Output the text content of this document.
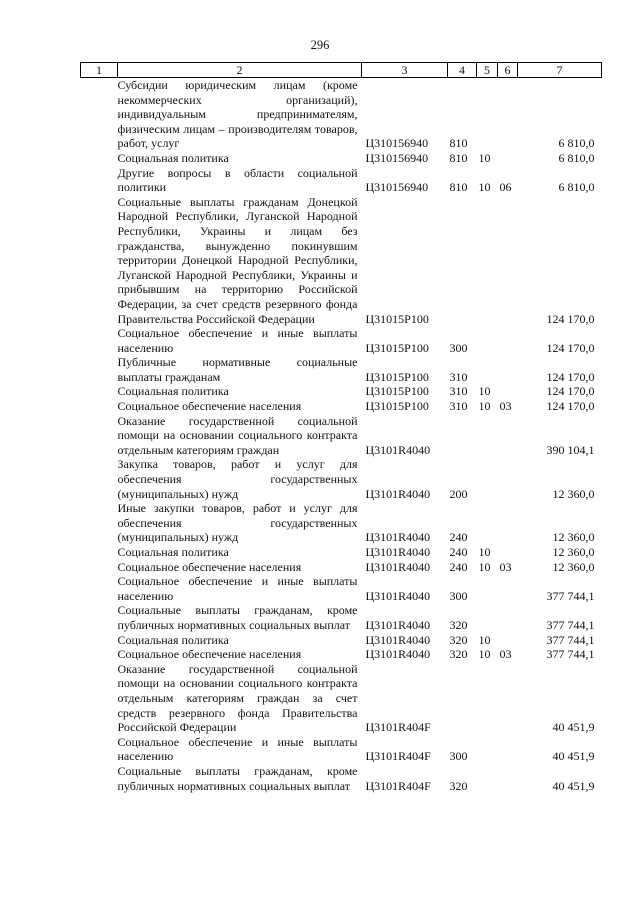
296
1	2	3	4	5	6	7
	Субсидии юридическим лицам (кроме некоммерческих организаций), индивидуальным предпринимателям, физическим лицам – производителям товаров, работ, услуг	Ц310156940	810			6 810,0
	Социальная политика	Ц310156940	810	10		6 810,0
	Другие вопросы в области социальной политики	Ц310156940	810	10	06	6 810,0
	Социальные выплаты гражданам Донецкой Народной Республики, Луганской Народной Республики, Украины и лицам без гражданства, вынужденно покинувшим территории Донецкой Народной Республики, Луганской Народной Республики, Украины и прибывшим на территорию Российской Федерации, за счет средств резервного фонда Правительства Российской Федерации	Ц31015Р100				124 170,0
	Социальное обеспечение и иные выплаты населению	Ц31015Р100	300			124 170,0
	Публичные нормативные социальные выплаты гражданам	Ц31015Р100	310			124 170,0
	Социальная политика	Ц31015Р100	310	10		124 170,0
	Социальное обеспечение населения	Ц31015Р100	310	10	03	124 170,0
	Оказание государственной социальной помощи на основании социального контракта отдельным категориям граждан	Ц3101R4040				390 104,1
	Закупка товаров, работ и услуг для обеспечения государственных (муниципальных) нужд	Ц3101R4040	200			12 360,0
	Иные закупки товаров, работ и услуг для обеспечения государственных (муниципальных) нужд	Ц3101R4040	240			12 360,0
	Социальная политика	Ц3101R4040	240	10		12 360,0
	Социальное обеспечение населения	Ц3101R4040	240	10	03	12 360,0
	Социальное обеспечение и иные выплаты населению	Ц3101R4040	300			377 744,1
	Социальные выплаты гражданам, кроме публичных нормативных социальных выплат	Ц3101R4040	320			377 744,1
	Социальная политика	Ц3101R4040	320	10		377 744,1
	Социальное обеспечение населения	Ц3101R4040	320	10	03	377 744,1
	Оказание государственной социальной помощи на основании социального контракта отдельным категориям граждан за счет средств резервного фонда Правительства Российской Федерации	Ц3101R404F				40 451,9
	Социальное обеспечение и иные выплаты населению	Ц3101R404F	300			40 451,9
	Социальные выплаты гражданам, кроме публичных нормативных социальных выплат	Ц3101R404F	320			40 451,9
